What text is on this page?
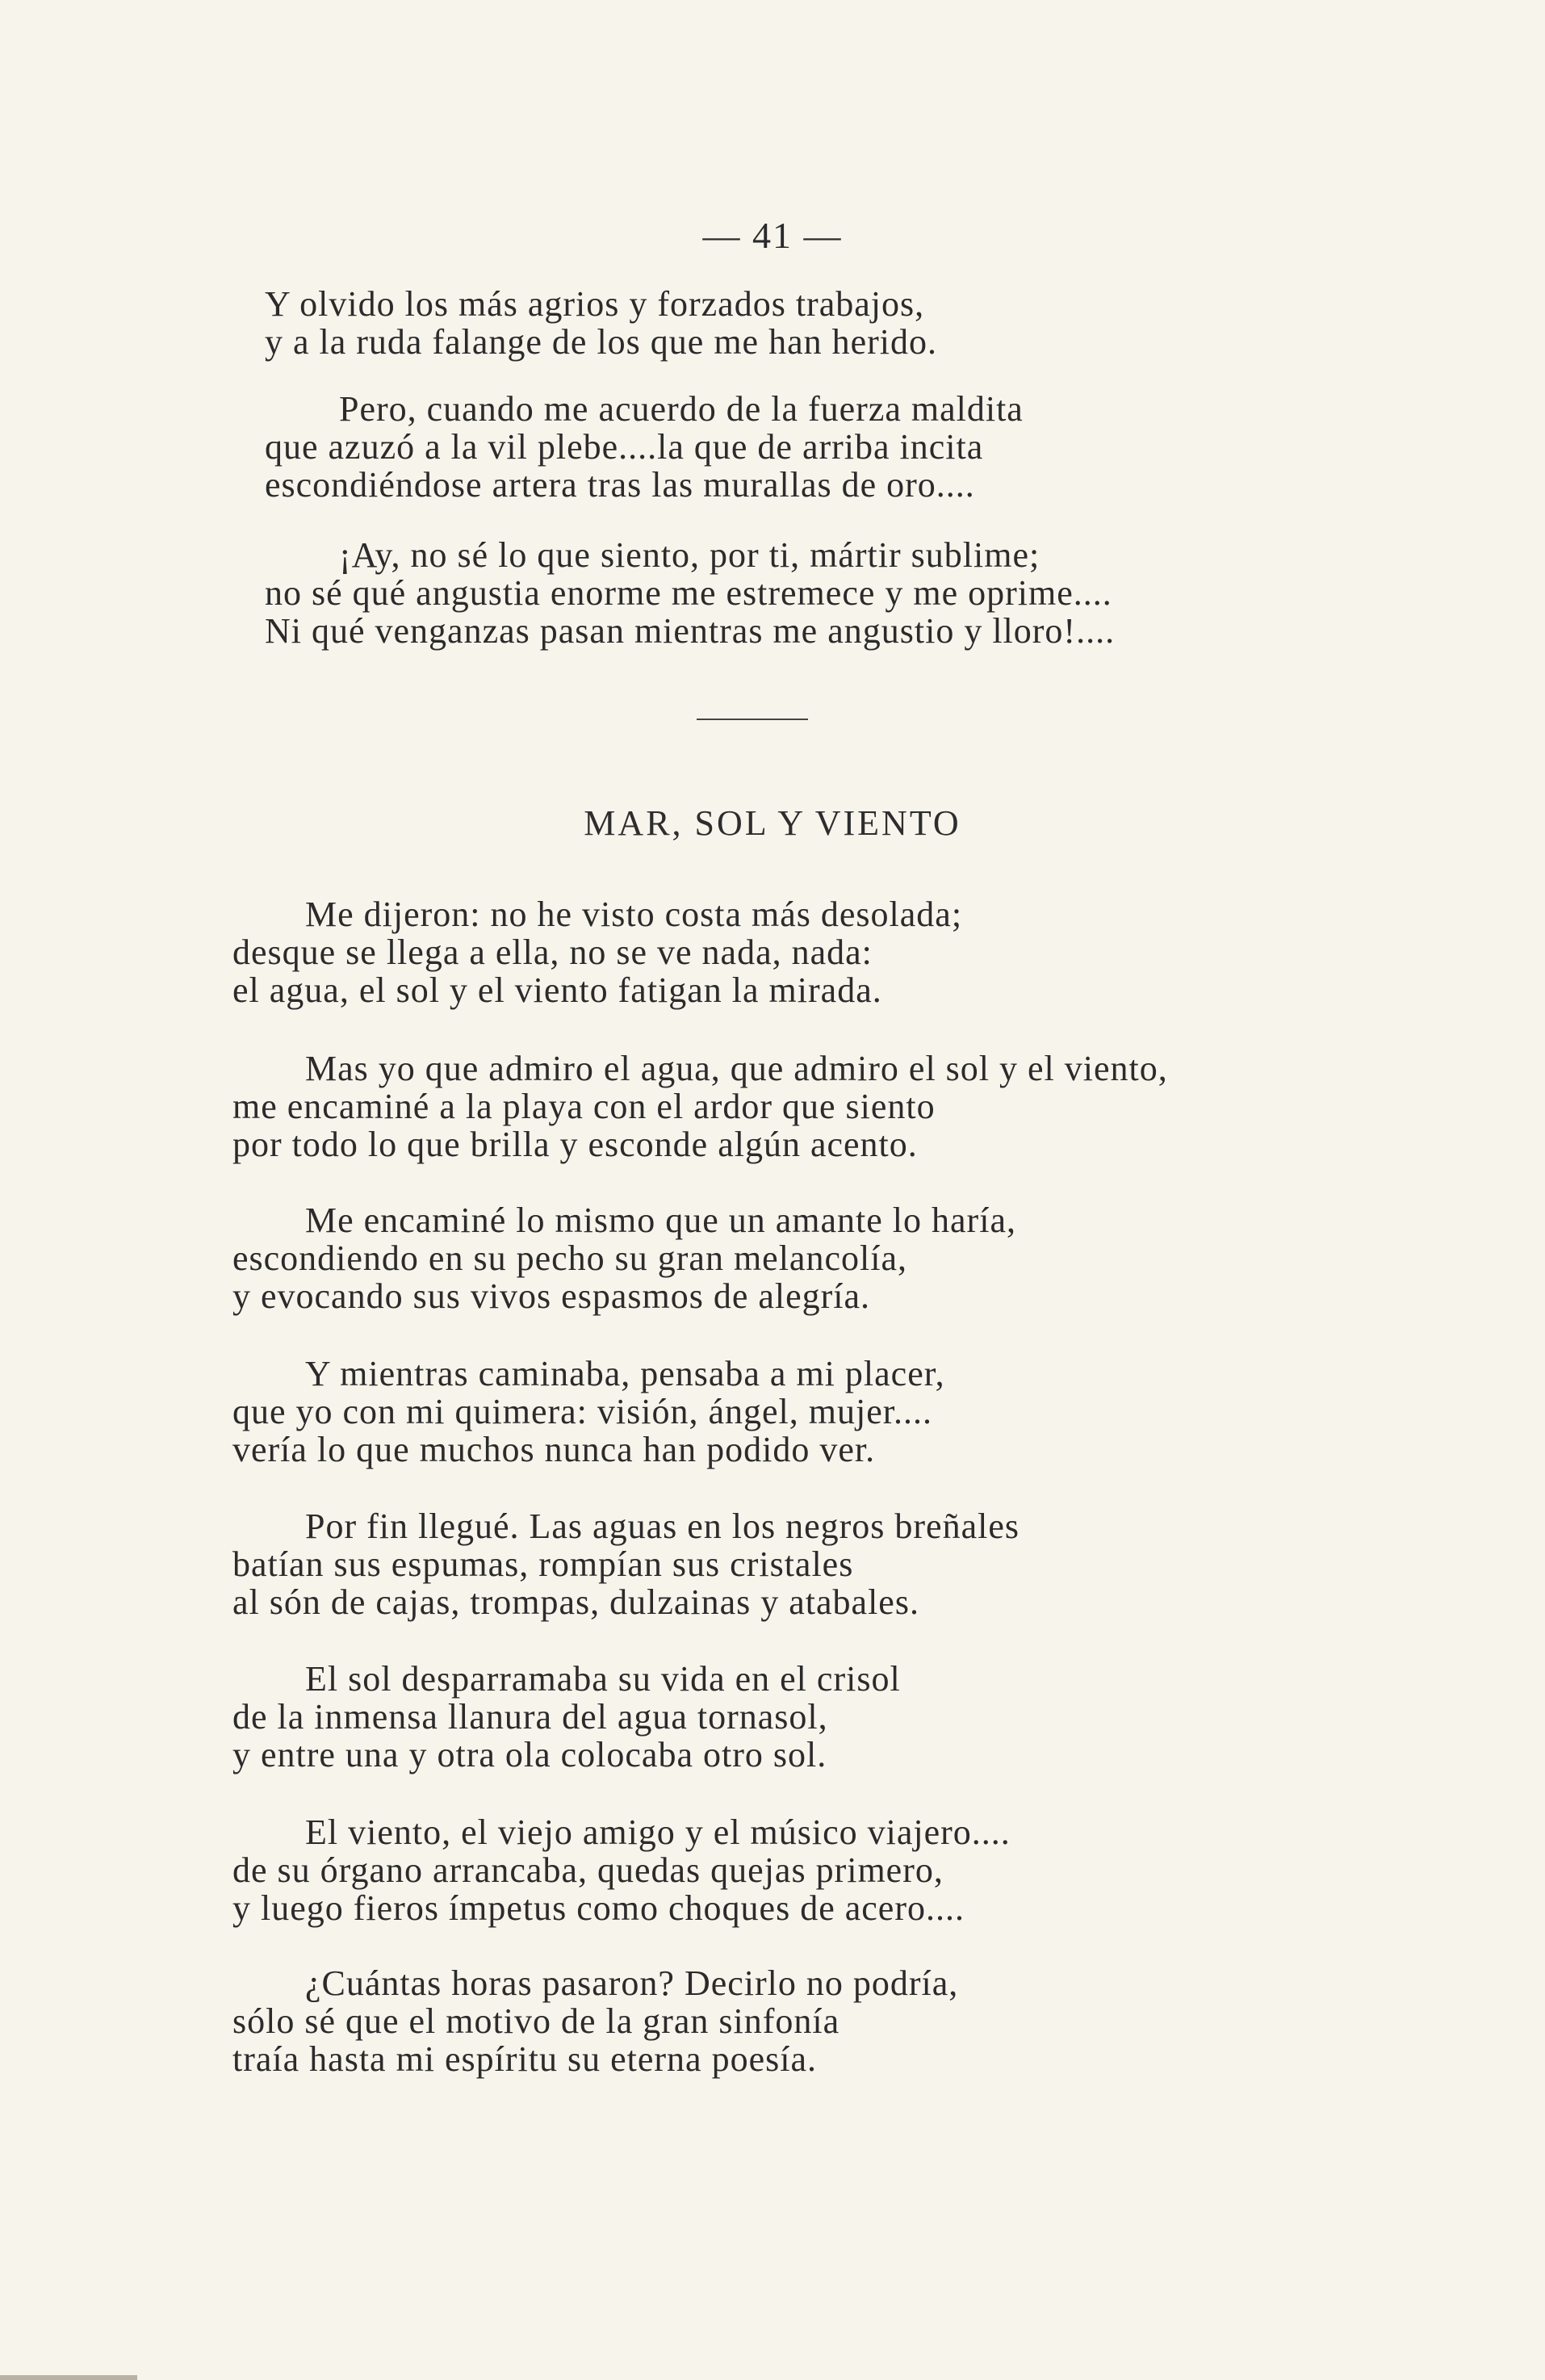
— 41 —
Y olvido los más agrios y forzados trabajos,
y a la ruda falange de los que me han herido.
Pero, cuando me acuerdo de la fuerza maldita
que azuzó a la vil plebe....la que de arriba incita
escondiéndose artera tras las murallas de oro....
¡Ay, no sé lo que siento, por ti, mártir sublime;
no sé qué angustia enorme me estremece y me oprime....
Ni qué venganzas pasan mientras me angustio y lloro!....
MAR, SOL Y VIENTO
Me dijeron: no he visto costa más desolada;
desque se llega a ella, no se ve nada, nada:
el agua, el sol y el viento fatigan la mirada.
Mas yo que admiro el agua, que admiro el sol y el viento,
me encaminé a la playa con el ardor que siento
por todo lo que brilla y esconde algún acento.
Me encaminé lo mismo que un amante lo haría,
escondiendo en su pecho su gran melancolía,
y evocando sus vivos espasmos de alegría.
Y mientras caminaba, pensaba a mi placer,
que yo con mi quimera: visión, ángel, mujer....
vería lo que muchos nunca han podido ver.
Por fin llegué. Las aguas en los negros breñales
batían sus espumas, rompían sus cristales
al són de cajas, trompas, dulzainas y atabales.
El sol desparramaba su vida en el crisol
de la inmensa llanura del agua tornasol,
y entre una y otra ola colocaba otro sol.
El viento, el viejo amigo y el músico viajero....
de su órgano arrancaba, quedas quejas primero,
y luego fieros ímpetus como choques de acero....
¿Cuántas horas pasaron? Decirlo no podría,
sólo sé que el motivo de la gran sinfonía
traía hasta mi espíritu su eterna poesía.
